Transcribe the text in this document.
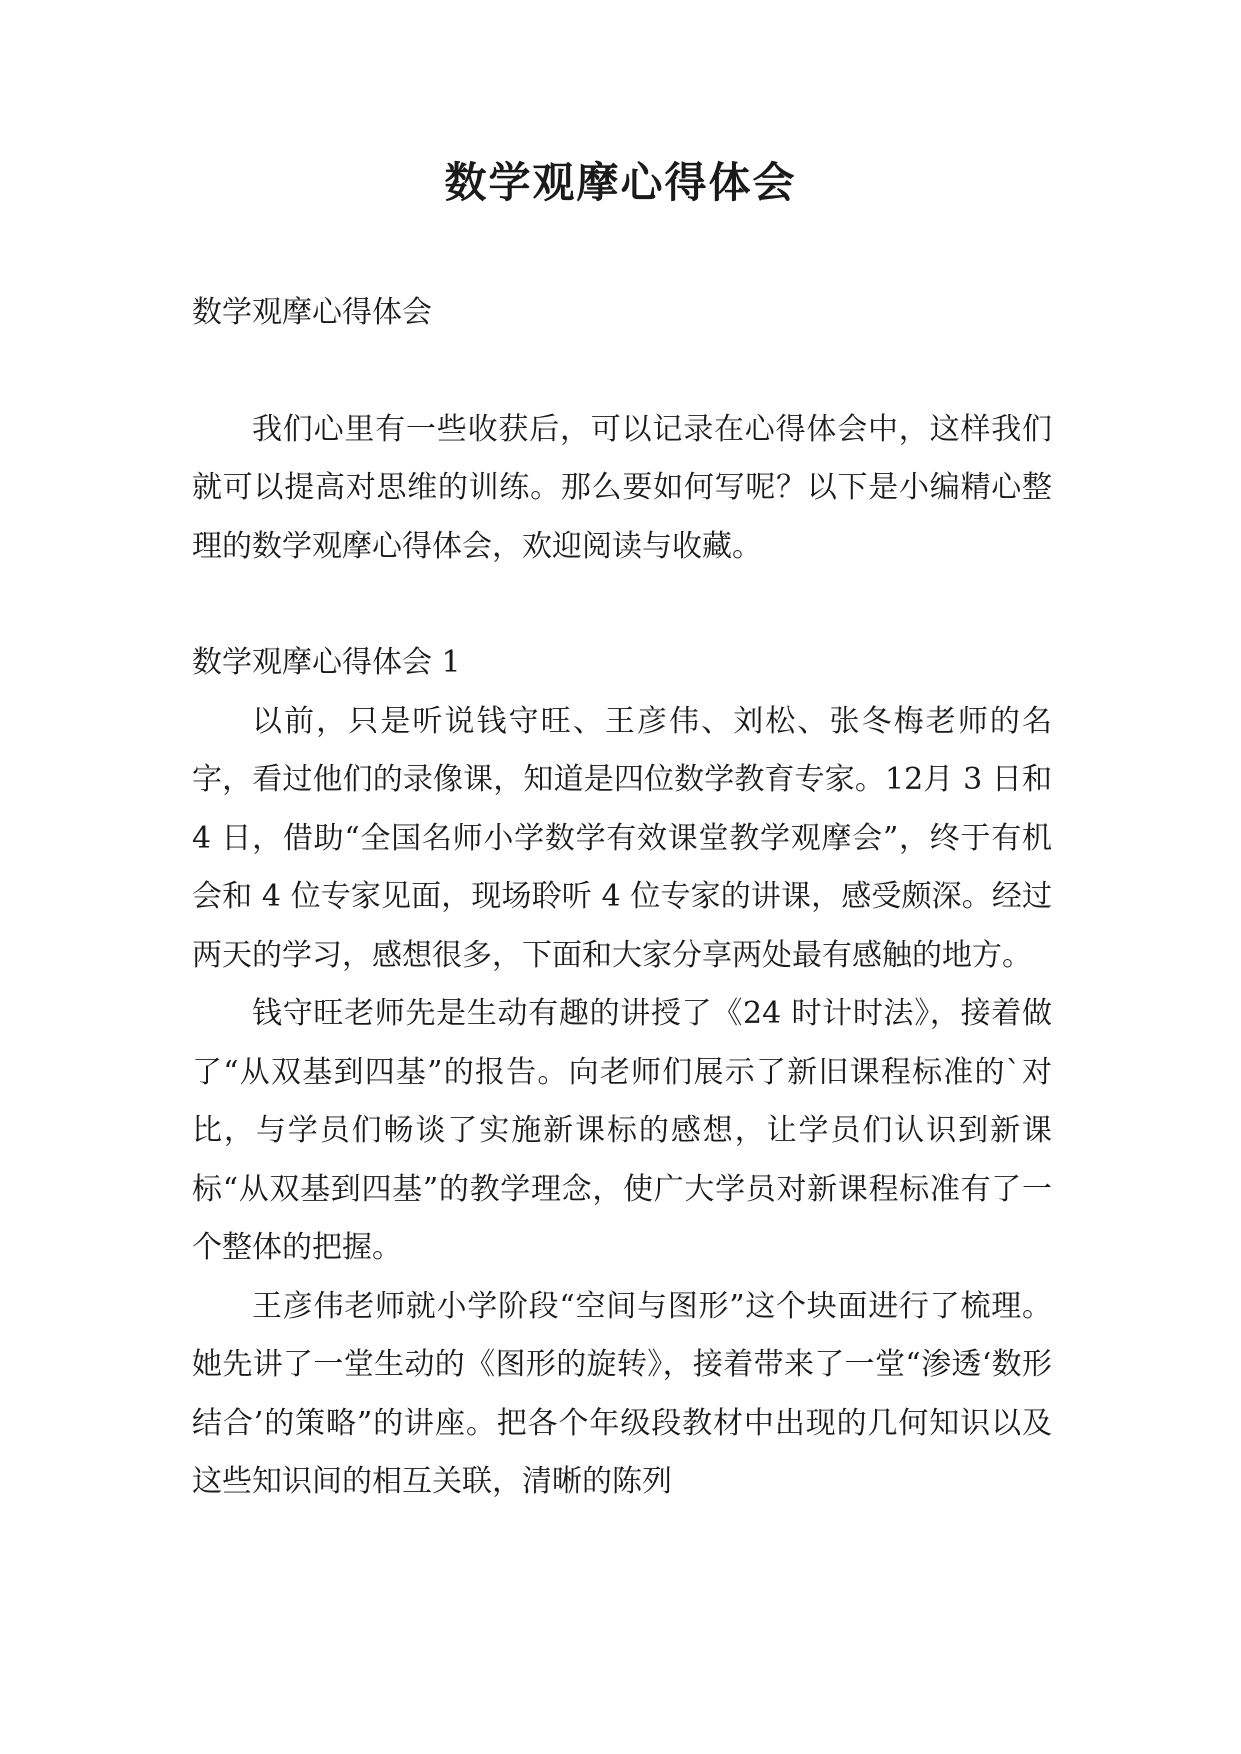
数学观摩心得体会

数学观摩心得体会

我们心里有一些收获后，可以记录在心得体会中，这样我们就可以提高对思维的训练。那么要如何写呢？以下是小编精心整理的数学观摩心得体会，欢迎阅读与收藏。

数学观摩心得体会 1

以前，只是听说钱守旺、王彦伟、刘松、张冬梅老师的名字，看过他们的录像课，知道是四位数学教育专家。12月 3 日和 4 日，借助“全国名师小学数学有效课堂教学观摩会”，终于有机会和 4 位专家见面，现场聆听 4 位专家的讲课，感受颇深。经过两天的学习，感想很多，下面和大家分享两处最有感触的地方。

钱守旺老师先是生动有趣的讲授了《24 时计时法》，接着做了“从双基到四基”的报告。向老师们展示了新旧课程标准的`对比，与学员们畅谈了实施新课标的感想，让学员们认识到新课标“从双基到四基”的教学理念，使广大学员对新课程标准有了一个整体的把握。

王彦伟老师就小学阶段“空间与图形”这个块面进行了梳理。她先讲了一堂生动的《图形的旋转》，接着带来了一堂“渗透‘数形结合’的策略”的讲座。把各个年级段教材中出现的几何知识以及这些知识间的相互关联，清晰的陈列
